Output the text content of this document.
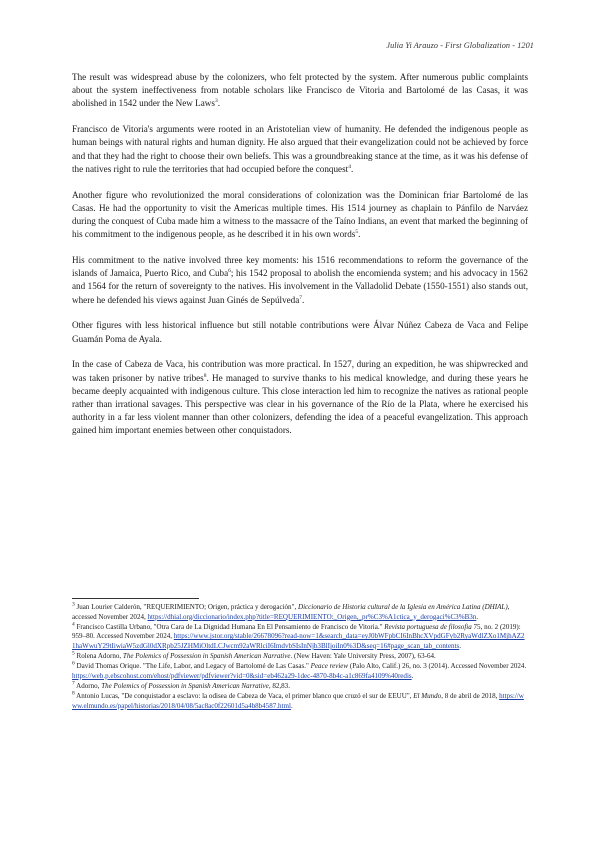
Julia Yi Arauzo - First Globalization - 1201

The result was widespread abuse by the colonizers, who felt protected by the system. After numerous public complaints about the system ineffectiveness from notable scholars like Francisco de Vitoria and Bartolomé de las Casas, it was abolished in 1542 under the New Laws$^3$.

Francisco de Vitoria's arguments were rooted in an Aristotelian view of humanity. He defended the indigenous people as human beings with natural rights and human dignity. He also argued that their evangelization could not be achieved by force and that they had the right to choose their own beliefs. This was a groundbreaking stance at the time, as it was his defense of the natives right to rule the territories that had occupied before the conquest$^4$.

Another figure who revolutionized the moral considerations of colonization was the Dominican friar Bartolomé de las Casas. He had the opportunity to visit the Americas multiple times. His 1514 journey as chaplain to Pánfilo de Narváez during the conquest of Cuba made him a witness to the massacre of the Taíno Indians, an event that marked the beginning of his commitment to the indigenous people, as he described it in his own words$^5$.

His commitment to the native involved three key moments: his 1516 recommendations to reform the governance of the islands of Jamaica, Puerto Rico, and Cuba$^6$; his 1542 proposal to abolish the encomienda system; and his advocacy in 1562 and 1564 for the return of sovereignty to the natives. His involvement in the Valladolid Debate (1550-1551) also stands out, where he defended his views against Juan Ginés de Sepúlveda$^7$.

Other figures with less historical influence but still notable contributions were Álvar Núñez Cabeza de Vaca and Felipe Guamán Poma de Ayala.

In the case of Cabeza de Vaca, his contribution was more practical. In 1527, during an expedition, he was shipwrecked and was taken prisoner by native tribes$^8$. He managed to survive thanks to his medical knowledge, and during these years he became deeply acquainted with indigenous culture. This close interaction led him to recognize the natives as rational people rather than irrational savages. This perspective was clear in his governance of the Río de la Plata, where he exercised his authority in a far less violent manner than other colonizers, defending the idea of a peaceful evangelization. This approach gained him important enemies between other conquistadors.

$^3$ Juan Lourier Calderón, "REQUERIMIENTO; Origen, práctica y derogación", Diccionario de Historia cultural de la Iglesia en América Latina (DHIAL), accessed November 2024, https://dhial.org/diccionario/index.php?title=REQUERIMIENTO:_Origen,_pr%C3%A1ctica_y_derogaci%C3%B3n.

$^4$ Francisco Castilla Urbano, "Otra Cara de La Dignidad Humana En El Pensamiento de Francisco de Vitoria." Revista portuguesa de filosofia 75, no. 2 (2019): 959–80. Accessed November 2024, https://www.jstor.org/stable/26678096?read-now=1&search_data=eyJ0bWFpbCI6InBhcXVpdGFyb2RyaWdlZXo1MjhAZ21haWwuY29tIiwiaW5zdGl0dXRpb25JZHMiOltdLCJwcm92aWRlciI6ImdvbSIsInNjb3BlIjoiIn0%3D&seq=16#page_scan_tab_contents.

$^5$ Rolena Adorno, The Polemics of Possession in Spanish American Narrative. (New Haven: Yale University Press, 2007), 63-64.

$^6$ David Thomas Orique. "The Life, Labor, and Legacy of Bartolomé de Las Casas." Peace review (Palo Alto, Calif.) 26, no. 3 (2014). Accessed November 2024. https://web.p.ebscohost.com/ehost/pdfviewer/pdfviewer?vid=0&sid=eb462a29-1dec-4870-8b4c-a1c869fa4109%40redis.

$^7$ Adorno, The Polemics of Possession in Spanish American Narrative, 82,83.

$^8$ Antonio Lucas, "De conquistador a esclavo: la odisea de Cabeza de Vaca, el primer blanco que cruzó el sur de EEUU", El Mundo, 8 de abril de 2018, https://www.elmundo.es/papel/historias/2018/04/08/5ac8ac0f22601d5a4b8b4587.html.
